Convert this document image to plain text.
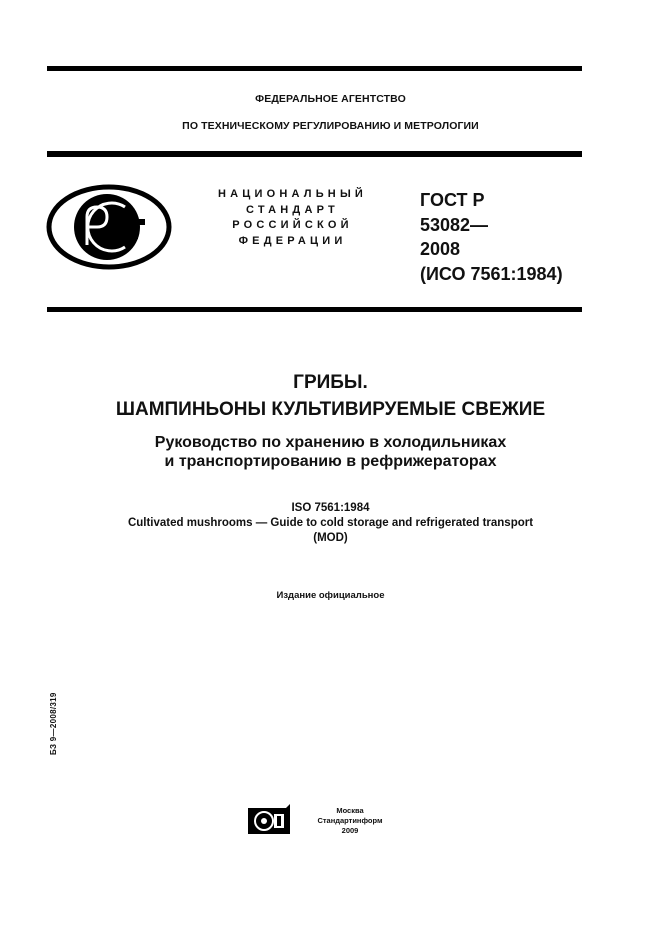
ФЕДЕРАЛЬНОЕ АГЕНТСТВО
ПО ТЕХНИЧЕСКОМУ РЕГУЛИРОВАНИЮ И МЕТРОЛОГИИ
НАЦИОНАЛЬНЫЙ
СТАНДАРТ
РОССИЙСКОЙ
ФЕДЕРАЦИИ
ГОСТ Р
53082—
2008
(ИСО 7561:1984)
ГРИБЫ.
ШАМПИНЬОНЫ КУЛЬТИВИРУЕМЫЕ СВЕЖИЕ
Руководство по хранению в холодильниках
и транспортированию в рефрижераторах
ISO 7561:1984
Cultivated mushrooms — Guide to cold storage and refrigerated transport
(MOD)
Издание официальное
БЗ 9—2008/319
Москва
Стандартинформ
2009
